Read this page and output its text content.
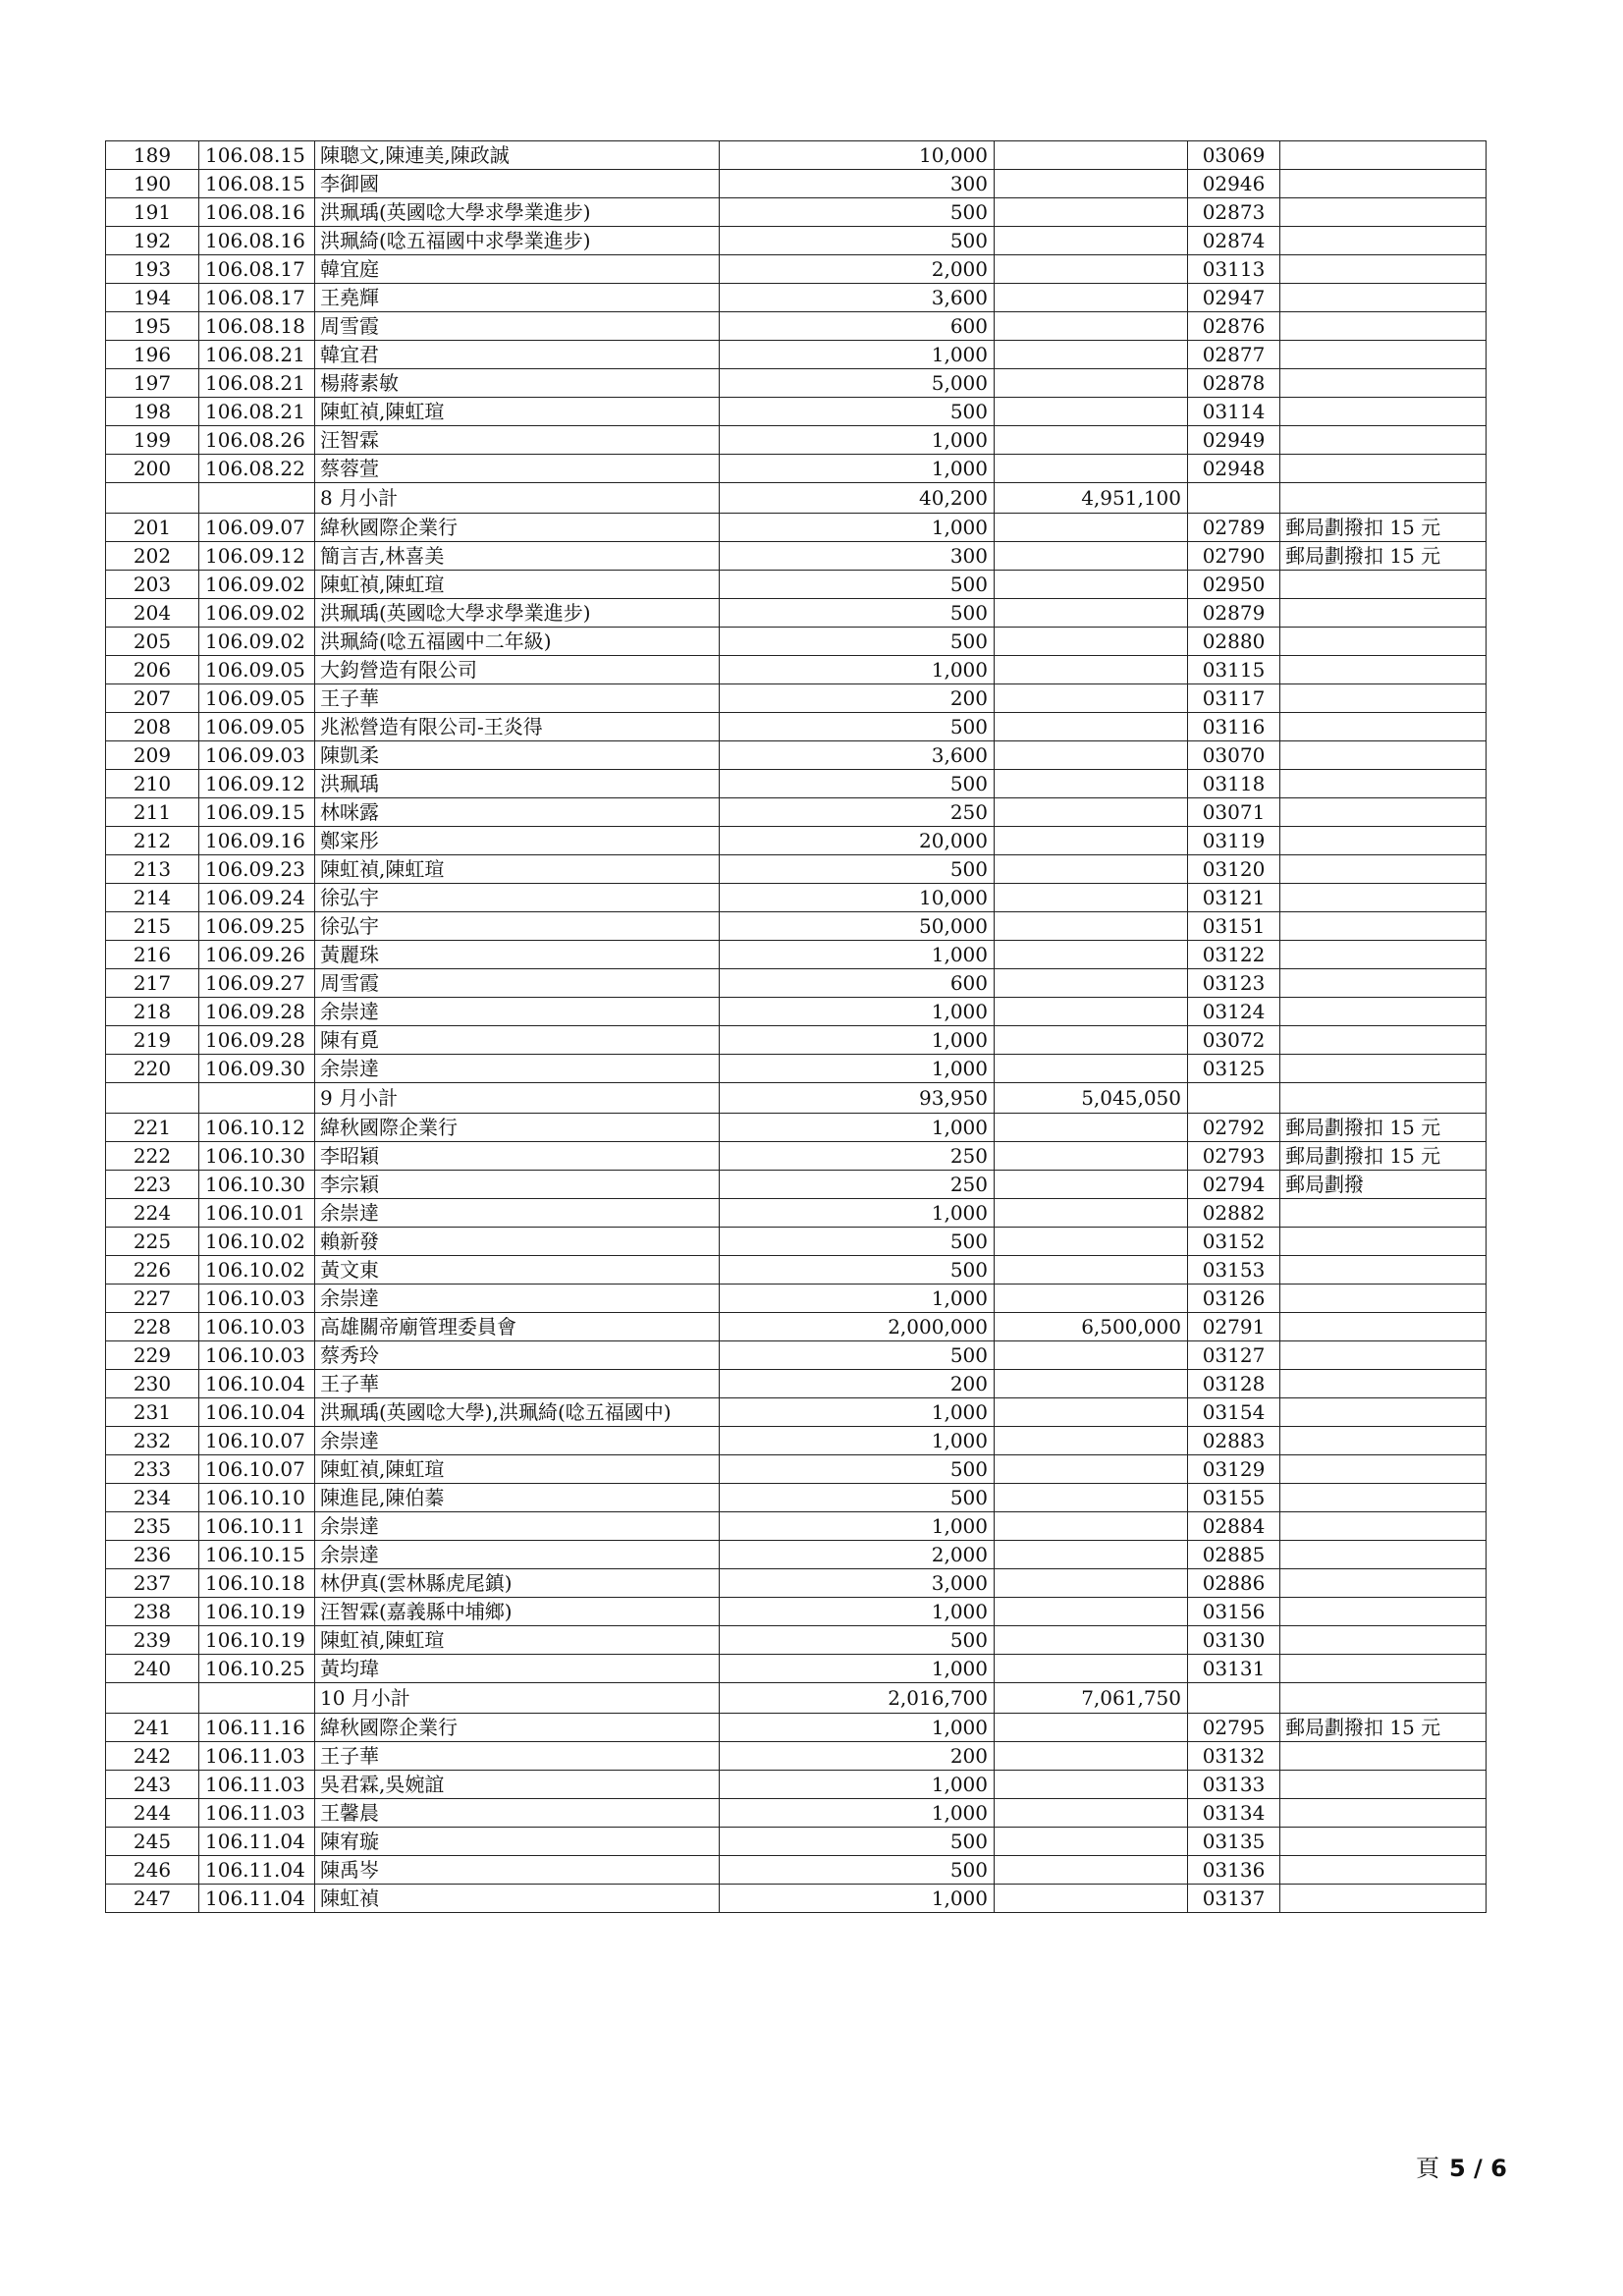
189	106.08.15	陳聰文,陳連美,陳政誠	10,000		03069	
190	106.08.15	李御國	300		02946	
191	106.08.16	洪珮瑀(英國唸大學求學業進步)	500		02873	
192	106.08.16	洪珮綺(唸五福國中求學業進步)	500		02874	
193	106.08.17	韓宜庭	2,000		03113	
194	106.08.17	王堯輝	3,600		02947	
195	106.08.18	周雪霞	600		02876	
196	106.08.21	韓宜君	1,000		02877	
197	106.08.21	楊蔣素敏	5,000		02878	
198	106.08.21	陳虹禎,陳虹瑄	500		03114	
199	106.08.26	汪智霖	1,000		02949	
200	106.08.22	蔡蓉萱	1,000		02948	
		8 月小計	40,200	4,951,100		
201	106.09.07	緯秋國際企業行	1,000		02789	郵局劃撥扣 15 元
202	106.09.12	簡言吉,林喜美	300		02790	郵局劃撥扣 15 元
203	106.09.02	陳虹禎,陳虹瑄	500		02950	
204	106.09.02	洪珮瑀(英國唸大學求學業進步)	500		02879	
205	106.09.02	洪珮綺(唸五福國中二年級)	500		02880	
206	106.09.05	大鈞營造有限公司	1,000		03115	
207	106.09.05	王子華	200		03117	
208	106.09.05	兆淞營造有限公司-王炎得	500		03116	
209	106.09.03	陳凱柔	3,600		03070	
210	106.09.12	洪珮瑀	500		03118	
211	106.09.15	林咪露	250		03071	
212	106.09.16	鄭寀彤	20,000		03119	
213	106.09.23	陳虹禎,陳虹瑄	500		03120	
214	106.09.24	徐弘宇	10,000		03121	
215	106.09.25	徐弘宇	50,000		03151	
216	106.09.26	黃麗珠	1,000		03122	
217	106.09.27	周雪霞	600		03123	
218	106.09.28	余崇達	1,000		03124	
219	106.09.28	陳有覓	1,000		03072	
220	106.09.30	余崇達	1,000		03125	
		9 月小計	93,950	5,045,050		
221	106.10.12	緯秋國際企業行	1,000		02792	郵局劃撥扣 15 元
222	106.10.30	李昭穎	250		02793	郵局劃撥扣 15 元
223	106.10.30	李宗穎	250		02794	郵局劃撥
224	106.10.01	余崇達	1,000		02882	
225	106.10.02	賴新發	500		03152	
226	106.10.02	黃文東	500		03153	
227	106.10.03	余崇達	1,000		03126	
228	106.10.03	高雄關帝廟管理委員會	2,000,000	6,500,000	02791	
229	106.10.03	蔡秀玲	500		03127	
230	106.10.04	王子華	200		03128	
231	106.10.04	洪珮瑀(英國唸大學),洪珮綺(唸五福國中)	1,000		03154	
232	106.10.07	余崇達	1,000		02883	
233	106.10.07	陳虹禎,陳虹瑄	500		03129	
234	106.10.10	陳進昆,陳伯蓁	500		03155	
235	106.10.11	余崇達	1,000		02884	
236	106.10.15	余崇達	2,000		02885	
237	106.10.18	林伊真(雲林縣虎尾鎮)	3,000		02886	
238	106.10.19	汪智霖(嘉義縣中埔鄉)	1,000		03156	
239	106.10.19	陳虹禎,陳虹瑄	500		03130	
240	106.10.25	黃均瑋	1,000		03131	
		10 月小計	2,016,700	7,061,750		
241	106.11.16	緯秋國際企業行	1,000		02795	郵局劃撥扣 15 元
242	106.11.03	王子華	200		03132	
243	106.11.03	吳君霖,吳婉誼	1,000		03133	
244	106.11.03	王馨晨	1,000		03134	
245	106.11.04	陳宥璇	500		03135	
246	106.11.04	陳禹岑	500		03136	
247	106.11.04	陳虹禎	1,000		03137	
頁 5 / 6
